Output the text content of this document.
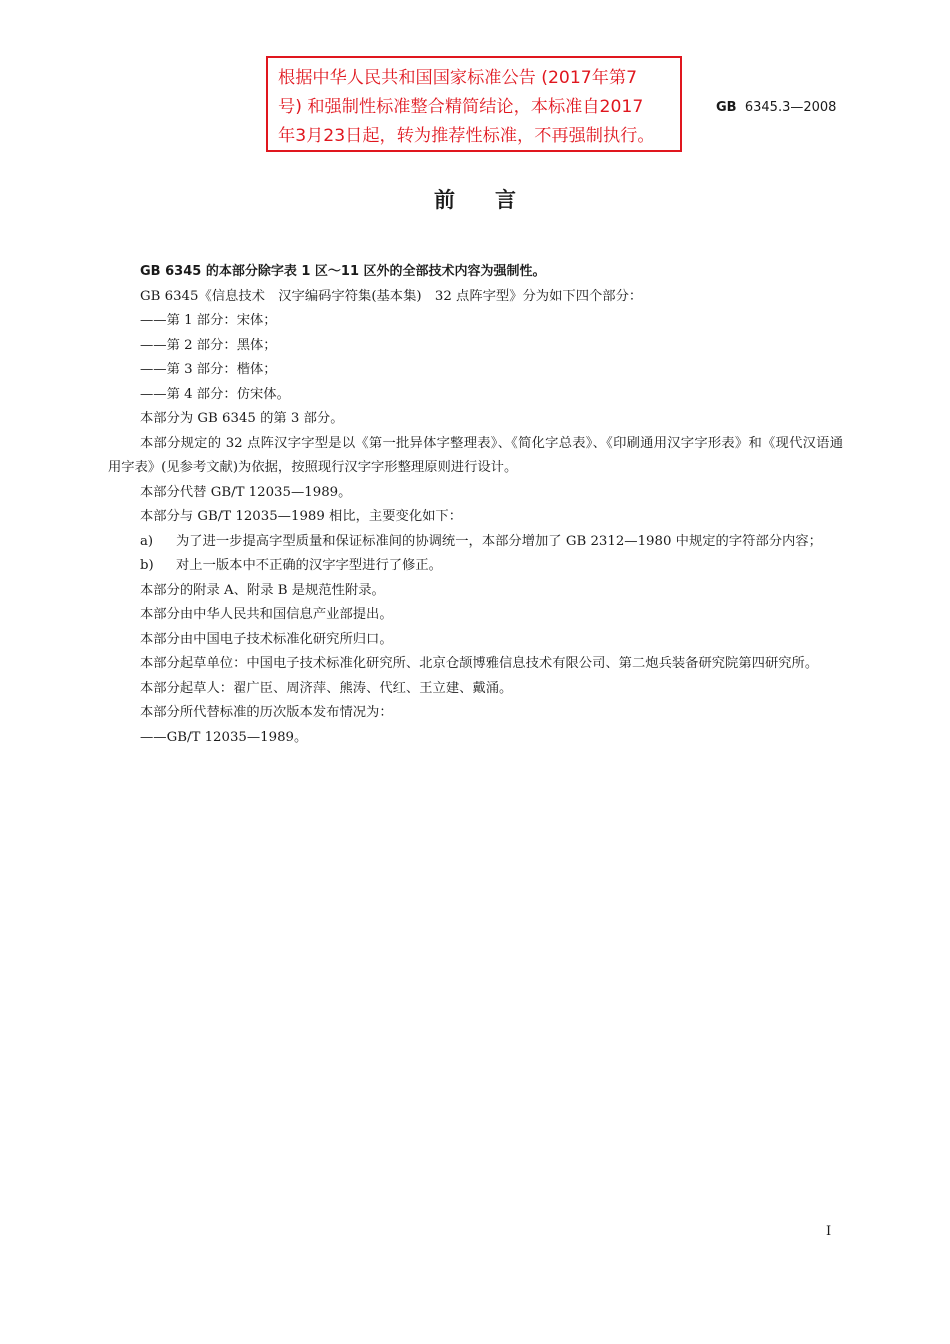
根据中华人民共和国国家标准公告 (2017年第7
号) 和强制性标准整合精简结论，本标准自2017
年3月23日起，转为推荐性标准，不再强制执行。
GB 6345.3—2008
前言

GB 6345 的本部分除字表 1 区～11 区外的全部技术内容为强制性。

GB 6345《信息技术　汉字编码字符集(基本集)　32 点阵字型》分为如下四个部分：

——第 1 部分：宋体；

——第 2 部分：黑体；

——第 3 部分：楷体；

——第 4 部分：仿宋体。

本部分为 GB 6345 的第 3 部分。

本部分规定的 32 点阵汉字字型是以《第一批异体字整理表》、《简化字总表》、《印刷通用汉字字形表》和《现代汉语通用字表》(见参考文献)为依据，按照现行汉字字形整理原则进行设计。

本部分代替 GB/T 12035—1989。

本部分与 GB/T 12035—1989 相比，主要变化如下：

a)	为了进一步提高字型质量和保证标准间的协调统一，本部分增加了 GB 2312—1980 中规定的字符部分内容；
b)	对上一版本中不正确的汉字字型进行了修正。

本部分的附录 A、附录 B 是规范性附录。

本部分由中华人民共和国信息产业部提出。

本部分由中国电子技术标准化研究所归口。

本部分起草单位：中国电子技术标准化研究所、北京仓颉博雅信息技术有限公司、第二炮兵装备研究院第四研究所。

本部分起草人：翟广臣、周济萍、熊涛、代红、王立建、戴涌。

本部分所代替标准的历次版本发布情况为：

——GB/T 12035—1989。

I
